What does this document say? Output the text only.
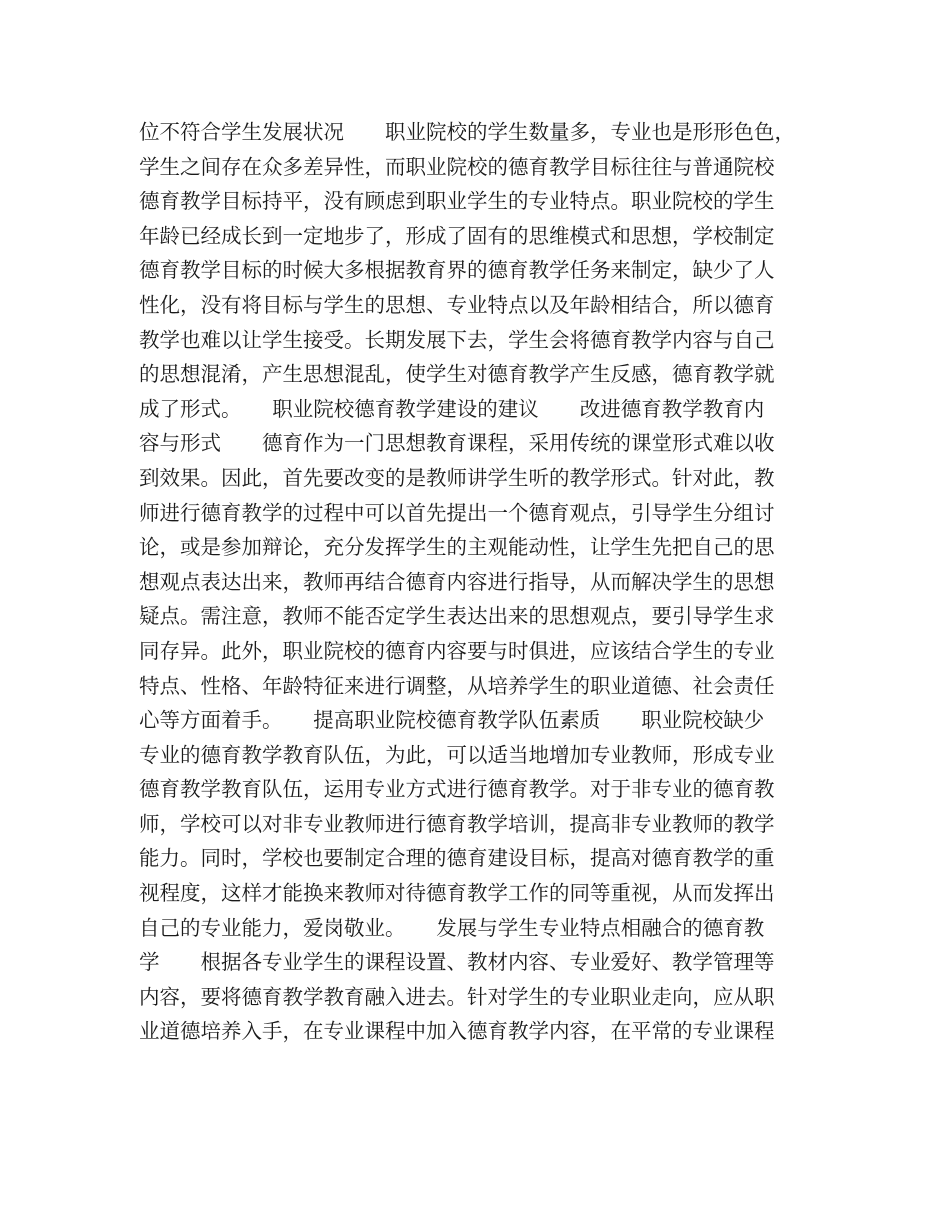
位不符合学生发展状况　　职业院校的学生数量多，专业也是形形色色，
学生之间存在众多差异性，而职业院校的德育教学目标往往与普通院校
德育教学目标持平，没有顾虑到职业学生的专业特点。职业院校的学生
年龄已经成长到一定地步了，形成了固有的思维模式和思想，学校制定
德育教学目标的时候大多根据教育界的德育教学任务来制定，缺少了人
性化，没有将目标与学生的思想、专业特点以及年龄相结合，所以德育
教学也难以让学生接受。长期发展下去，学生会将德育教学内容与自己
的思想混淆，产生思想混乱，使学生对德育教学产生反感，德育教学就
成了形式。　　职业院校德育教学建设的建议　　改进德育教学教育内
容与形式　　德育作为一门思想教育课程，采用传统的课堂形式难以收
到效果。因此，首先要改变的是教师讲学生听的教学形式。针对此，教
师进行德育教学的过程中可以首先提出一个德育观点，引导学生分组讨
论，或是参加辩论，充分发挥学生的主观能动性，让学生先把自己的思
想观点表达出来，教师再结合德育内容进行指导，从而解决学生的思想
疑点。需注意，教师不能否定学生表达出来的思想观点，要引导学生求
同存异。此外，职业院校的德育内容要与时俱进，应该结合学生的专业
特点、性格、年龄特征来进行调整，从培养学生的职业道德、社会责任
心等方面着手。　　提高职业院校德育教学队伍素质　　职业院校缺少
专业的德育教学教育队伍，为此，可以适当地增加专业教师，形成专业
德育教学教育队伍，运用专业方式进行德育教学。对于非专业的德育教
师，学校可以对非专业教师进行德育教学培训，提高非专业教师的教学
能力。同时，学校也要制定合理的德育建设目标，提高对德育教学的重
视程度，这样才能换来教师对待德育教学工作的同等重视，从而发挥出
自己的专业能力，爱岗敬业。　　发展与学生专业特点相融合的德育教
学　　根据各专业学生的课程设置、教材内容、专业爱好、教学管理等
内容，要将德育教学教育融入进去。针对学生的专业职业走向，应从职
业道德培养入手，在专业课程中加入德育教学内容，在平常的专业课程
